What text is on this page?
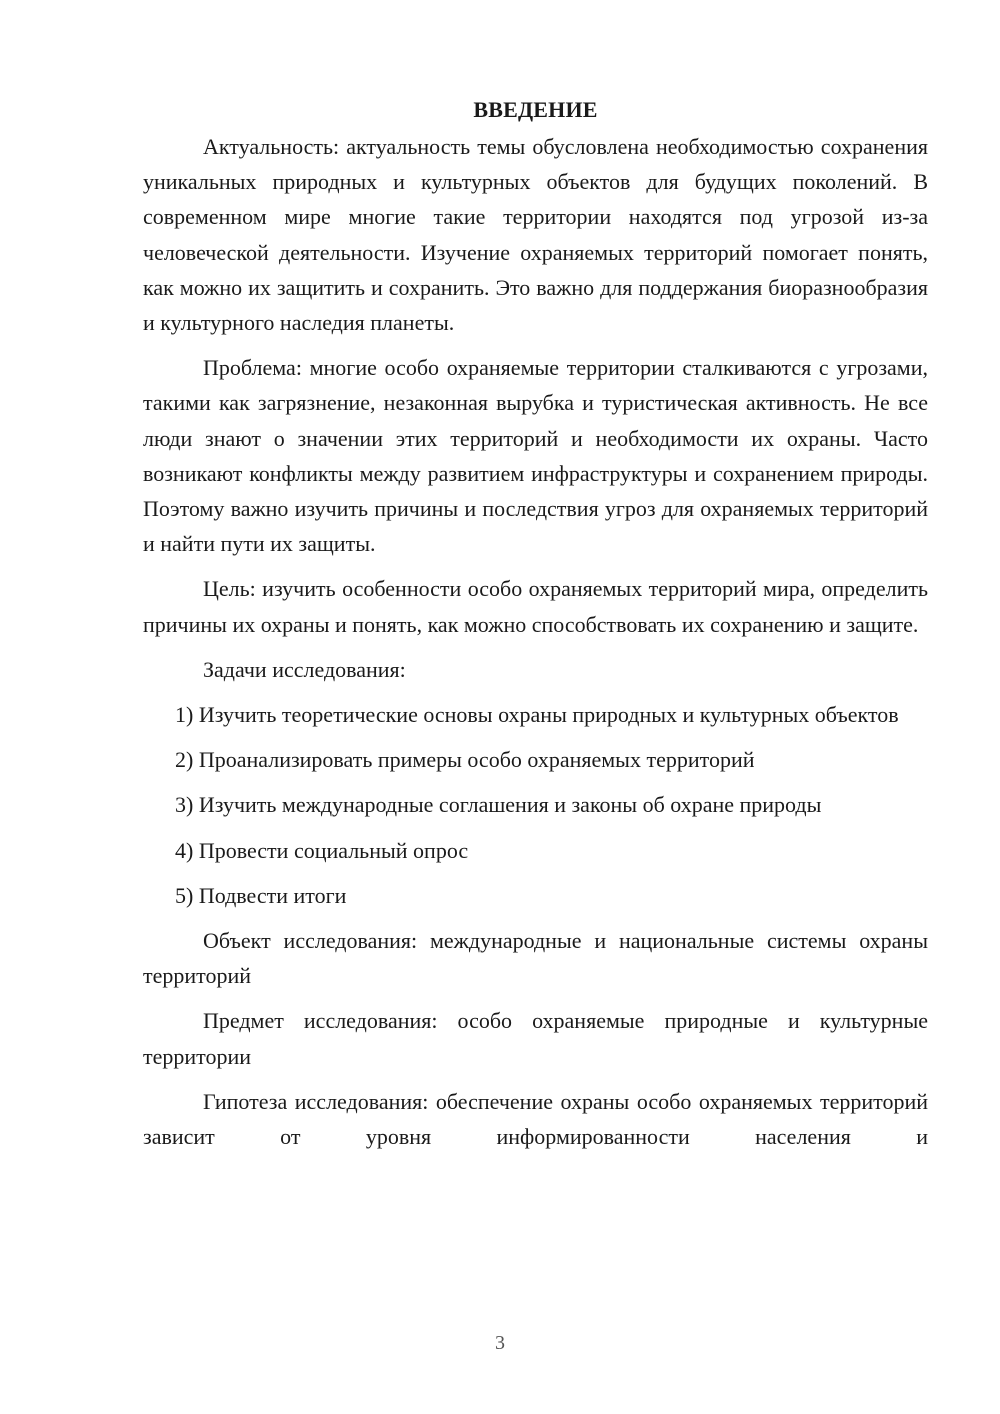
ВВЕДЕНИЕ

Актуальность: актуальность темы обусловлена необходимостью сохранения уникальных природных и культурных объектов для будущих поколений. В современном мире многие такие территории находятся под угрозой из-за человеческой деятельности. Изучение охраняемых территорий помогает понять, как можно их защитить и сохранить. Это важно для поддержания биоразнообразия и культурного наследия планеты.

Проблема: многие особо охраняемые территории сталкиваются с угрозами, такими как загрязнение, незаконная вырубка и туристическая активность. Не все люди знают о значении этих территорий и необходимости их охраны. Часто возникают конфликты между развитием инфраструктуры и сохранением природы. Поэтому важно изучить причины и последствия угроз для охраняемых территорий и найти пути их защиты.

Цель: изучить особенности особо охраняемых территорий мира, определить причины их охраны и понять, как можно способствовать их сохранению и защите.

Задачи исследования:

1) Изучить теоретические основы охраны природных и культурных объектов

2) Проанализировать примеры особо охраняемых территорий

3) Изучить международные соглашения и законы об охране природы

4) Провести социальный опрос

5) Подвести итоги

Объект исследования: международные и национальные системы охраны территорий

Предмет исследования: особо охраняемые природные и культурные территории

Гипотеза исследования: обеспечение охраны особо охраняемых территорий зависит от уровня информированности населения и

3
